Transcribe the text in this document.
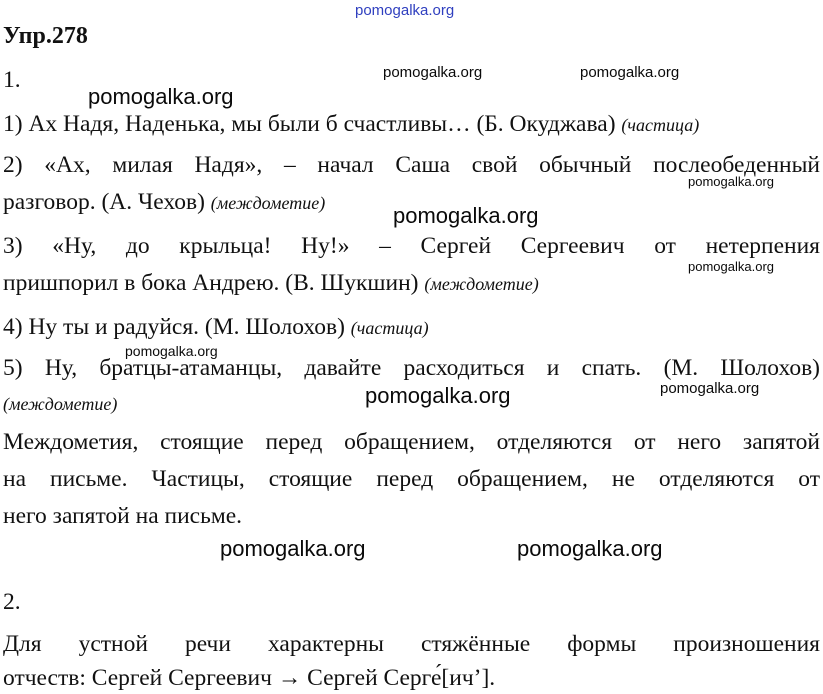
pomogalka.org
pomogalka.org	pomogalka.org
pomogalka.org
pomogalka.org
pomogalka.org
pomogalka.org
pomogalka.org
pomogalka.org
pomogalka.org
pomogalka.org	pomogalka.org
Упр.278
1.
1) Ах Надя, Наденька, мы были б счастливы… (Б. Окуджава) (частица)
2) «Ах, милая Надя», – начал Саша свой обычный послеобеденный
разговор. (А. Чехов) (междометие)
3) «Ну, до крыльца! Ну!» – Сергей Сергеевич от нетерпения
пришпорил в бока Андрею. (В. Шукшин) (междометие)
4) Ну ты и радуйся. (М. Шолохов) (частица)
5) Ну, братцы-атаманцы, давайте расходиться и спать. (М. Шолохов)
(междометие)
Междометия, стоящие перед обращением, отделяются от него запятой
на письме. Частицы, стоящие перед обращением, не отделяются от
него запятой на письме.
2.
Для устной речи характерны стяжённые формы произношения
отчеств: Сергей Сергеевич → Сергей Серге́[ич’].
